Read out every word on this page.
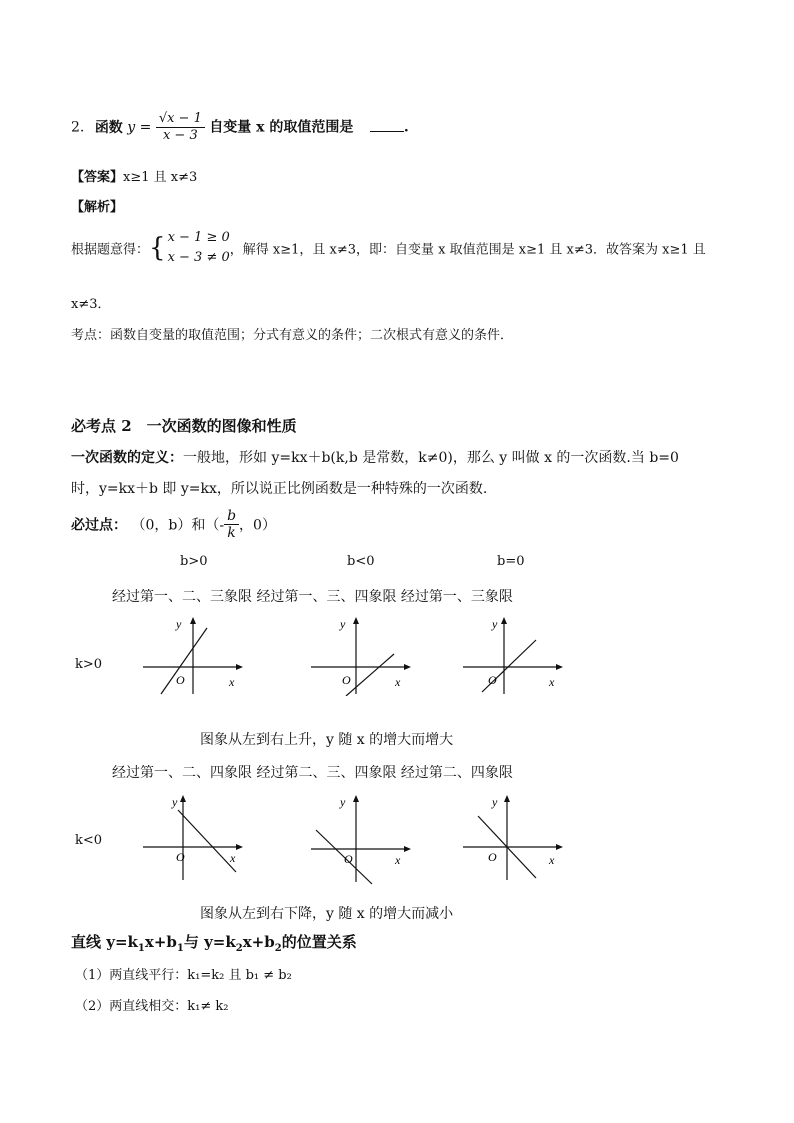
2. 函数 $y = \frac{√x - 1}{x - 3}$ 自变量 x 的取值范围是	.
【答案】x≥1 且 x≠3
【解析】
根据题意得：{ x − 1 ≥ 0
x − 3 ≠ 0 ，解得 x≥1，且 x≠3，即：自变量 x 取值范围是 x≥1 且 x≠3．故答案为 x≥1 且
x≠3．
考点：函数自变量的取值范围；分式有意义的条件；二次根式有意义的条件．
必考点 2　一次函数的图像和性质
一次函数的定义：一般地，形如 y=kx＋b(k,b 是常数，k≠0)，那么 y 叫做 x 的一次函数.当 b=0
时，y=kx＋b 即 y=kx，所以说正比例函数是一种特殊的一次函数.
必过点： （0，b）和（- $\frac{b}{k}$ ，0）
b>0	b<0	b=0
经过第一、二、三象限 经过第一、三、四象限 经过第一、三象限
k>0
y
x
O
y
x
O
y
x
O
图象从左到右上升，y 随 x 的增大而增大
经过第一、二、四象限 经过第二、三、四象限 经过第二、四象限
k<0
y
x
O
y
x
O
y
x
O
图象从左到右下降，y 随 x 的增大而减小
直线 $y=k_1x+b_1$与 $y=k_2x+b_2$的位置关系
（1）两直线平行：k₁=k₂ 且 b₁ ≠ b₂
（2）两直线相交：k₁≠ k₂
